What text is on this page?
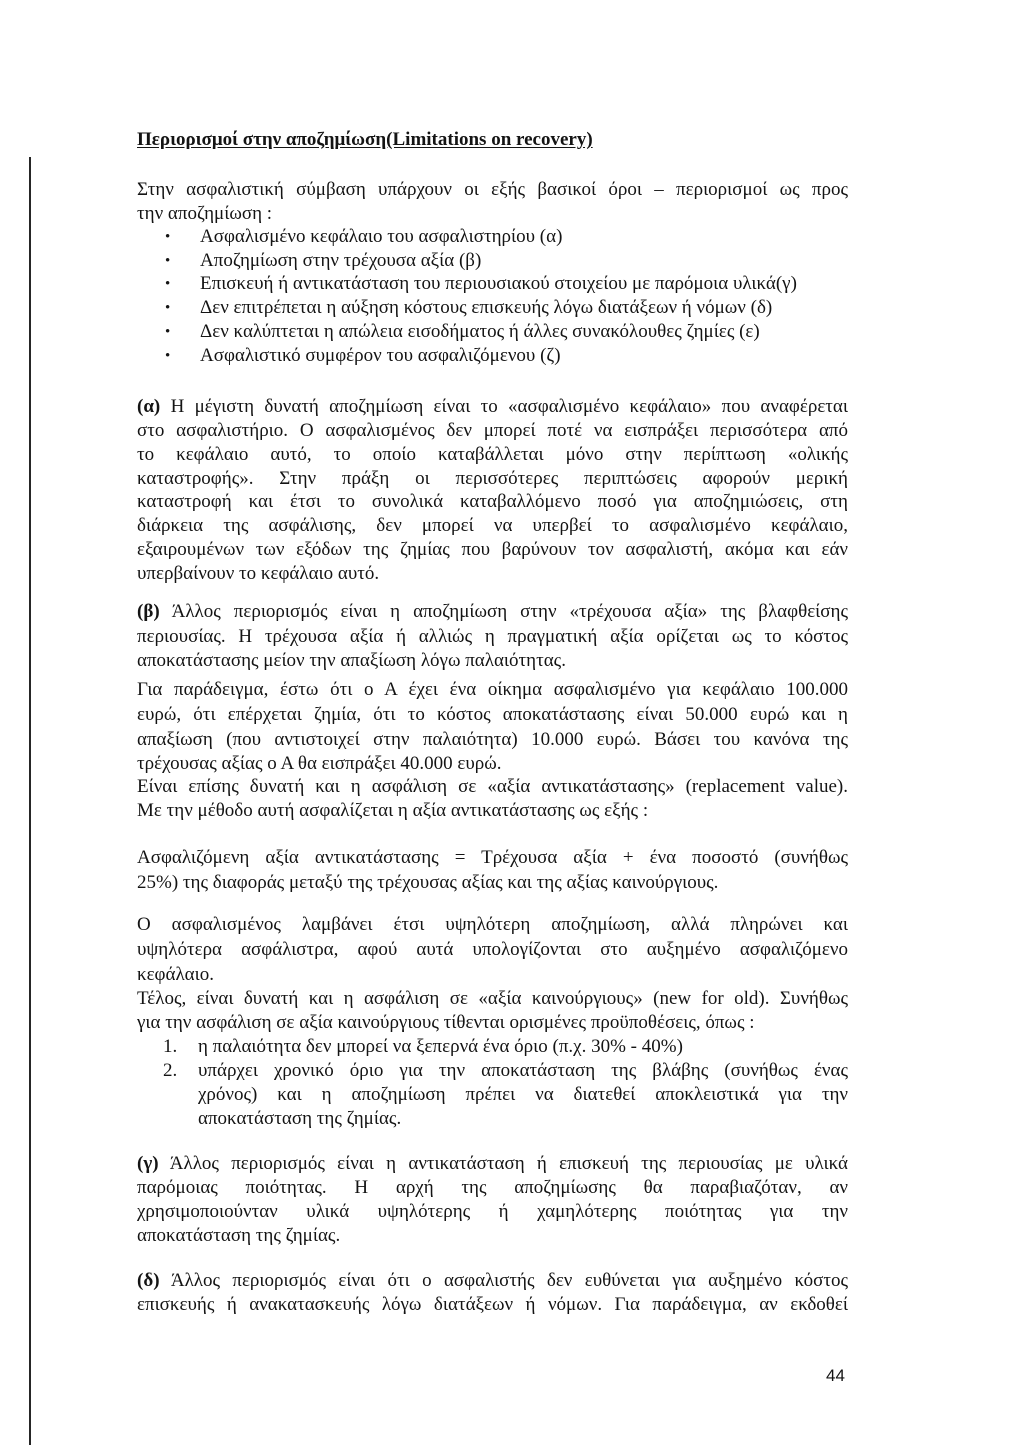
Περιορισμοί στην αποζημίωση(Limitations on recovery)
Στην ασφαλιστική σύμβαση υπάρχουν οι εξής βασικοί όροι – περιορισμοί ως προς
την αποζημίωση :
• Ασφαλισμένο κεφάλαιο του ασφαλιστηρίου (α)
• Αποζημίωση στην τρέχουσα αξία (β)
• Επισκευή ή αντικατάσταση του περιουσιακού στοιχείου με παρόμοια υλικά(γ)
• Δεν επιτρέπεται η αύξηση κόστους επισκευής λόγω διατάξεων ή νόμων (δ)
• Δεν καλύπτεται η απώλεια εισοδήματος ή άλλες συνακόλουθες ζημίες (ε)
• Ασφαλιστικό συμφέρον του ασφαλιζόμενου (ζ)
(α) Η μέγιστη δυνατή αποζημίωση είναι το «ασφαλισμένο κεφάλαιο» που αναφέρεται
στο ασφαλιστήριο. Ο ασφαλισμένος δεν μπορεί ποτέ να εισπράξει περισσότερα από
το κεφάλαιο αυτό, το οποίο καταβάλλεται μόνο στην περίπτωση «ολικής
καταστροφής». Στην πράξη οι περισσότερες περιπτώσεις αφορούν μερική
καταστροφή και έτσι το συνολικά καταβαλλόμενο ποσό για αποζημιώσεις, στη
διάρκεια της ασφάλισης, δεν μπορεί να υπερβεί το ασφαλισμένο κεφάλαιο,
εξαιρουμένων των εξόδων της ζημίας που βαρύνουν τον ασφαλιστή, ακόμα και εάν
υπερβαίνουν το κεφάλαιο αυτό.
(β) Άλλος περιορισμός είναι η αποζημίωση στην «τρέχουσα αξία» της βλαφθείσης
περιουσίας. Η τρέχουσα αξία ή αλλιώς η πραγματική αξία ορίζεται ως το κόστος
αποκατάστασης μείον την απαξίωση λόγω παλαιότητας.
Για παράδειγμα, έστω ότι ο Α έχει ένα οίκημα ασφαλισμένο για κεφάλαιο 100.000
ευρώ, ότι επέρχεται ζημία, ότι το κόστος αποκατάστασης είναι 50.000 ευρώ και η
απαξίωση (που αντιστοιχεί στην παλαιότητα) 10.000 ευρώ. Βάσει του κανόνα της
τρέχουσας αξίας ο Α θα εισπράξει 40.000 ευρώ.
Είναι επίσης δυνατή και η ασφάλιση σε «αξία αντικατάστασης» (replacement value).
Με την μέθοδο αυτή ασφαλίζεται η αξία αντικατάστασης ως εξής :
Ασφαλιζόμενη αξία αντικατάστασης = Τρέχουσα αξία + ένα ποσοστό (συνήθως
25%) της διαφοράς μεταξύ της τρέχουσας αξίας και της αξίας καινούργιους.
Ο ασφαλισμένος λαμβάνει έτσι υψηλότερη αποζημίωση, αλλά πληρώνει και
υψηλότερα ασφάλιστρα, αφού αυτά υπολογίζονται στο αυξημένο ασφαλιζόμενο
κεφάλαιο.
Τέλος, είναι δυνατή και η ασφάλιση σε «αξία καινούργιους» (new for old). Συνήθως
για την ασφάλιση σε αξία καινούργιους τίθενται ορισμένες προϋποθέσεις, όπως :
1. η παλαιότητα δεν μπορεί να ξεπερνά ένα όριο (π.χ. 30% - 40%)
2. υπάρχει χρονικό όριο για την αποκατάσταση της βλάβης (συνήθως ένας
χρόνος) και η αποζημίωση πρέπει να διατεθεί αποκλειστικά για την
αποκατάσταση της ζημίας.
(γ) Άλλος περιορισμός είναι η αντικατάσταση ή επισκευή της περιουσίας με υλικά
παρόμοιας ποιότητας. Η αρχή της αποζημίωσης θα παραβιαζόταν, αν
χρησιμοποιούνταν υλικά υψηλότερης ή χαμηλότερης ποιότητας για την
αποκατάσταση της ζημίας.
(δ) Άλλος περιορισμός είναι ότι ο ασφαλιστής δεν ευθύνεται για αυξημένο κόστος
επισκευής ή ανακατασκευής λόγω διατάξεων ή νόμων. Για παράδειγμα, αν εκδοθεί
44
